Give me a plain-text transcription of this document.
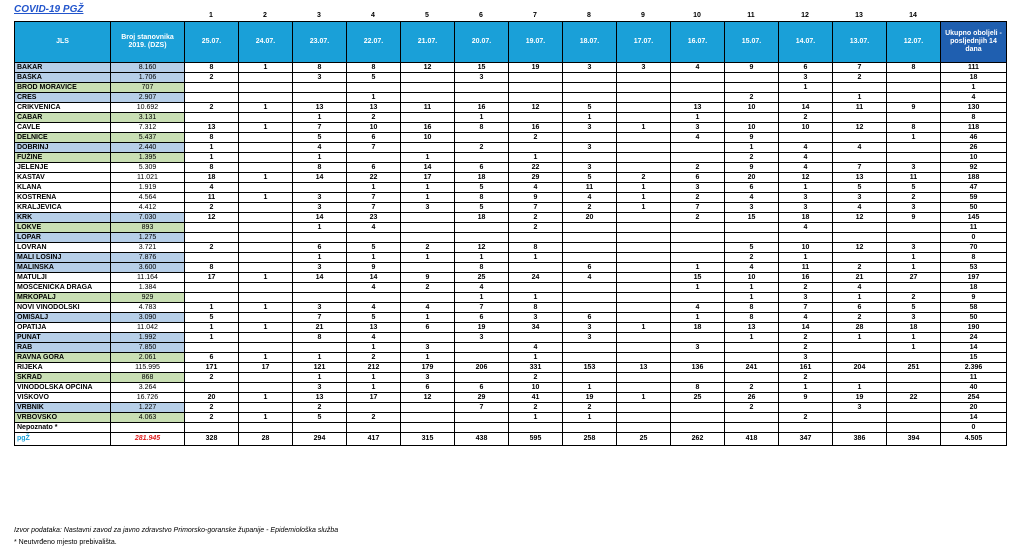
COVID-19 PGŽ
		1	2	3	4	5	6	7	8	9	10	11	12	13	14	
JLS	Broj stanovnika 2019. (DZS)	25.07.	24.07.	23.07.	22.07.	21.07.	20.07.	19.07.	18.07.	17.07.	16.07.	15.07.	14.07.	13.07.	12.07.	Ukupno oboljeli - posljednjih 14 dana
BAKAR	8.160	8	1	8	8	12	15	19	3	3	4	9	6	7	8	111
BAŠKA	1.706	2		3	5		3						3	2		18
BROD MORAVICE	707												1			1
CRES	2.907				1							2		1		4
CRIKVENICA	10.692	2	1	13	13	11	16	12	5		13	10	14	11	9	130
ČABAR	3.131			1	2		1		1		1		2			8
ČAVLE	7.312	13	1	7	10	16	8	16	3	1	3	10	10	12	8	118
DELNICE	5.437	8		5	6	10		2			4	9			1	46
DOBRINJ	2.440	1		4	7		2		3			1	4	4		26
FUŽINE	1.395	1		1		1		1				2	4			10
JELENJE	5.309	8		8	6	14	6	22	3		2	9	4	7	3	92
KASTAV	11.021	18	1	14	22	17	18	29	5	2	6	20	12	13	11	188
KLANA	1.919	4			1	1	5	4	11	1	3	6	1	5	5	47
KOSTRENA	4.564	11	1	3	7	1	8	9	4	1	2	4	3	3	2	59
KRALJEVICA	4.412	2		3	7	3	5	7	2	1	7	3	3	4	3	50
KRK	7.030	12		14	23		18	2	20		2	15	18	12	9	145
LOKVE	893			1	4			2					4			11
LOPAR	1.275															0
LOVRAN	3.721	2		6	5	2	12	8				5	10	12	3	70
MALI LOŠINJ	7.876			1	1	1	1	1				2	1		1	8
MALINSKA	3.600	8		3	9		8		6		1	4	11	2	1	53
MATULJI	11.164	17	1	14	14	9	25	24	4		15	10	16	21	27	197
MOŠĆENIČKA DRAGA	1.384				4	2	4				1	1	2	4		18
MRKOPALJ	929						1	1				1	3	1	2	9
NOVI VINODOLSKI	4.783	1	1	3	4	4	7	8			4	8	7	6	5	58
OMIŠALJ	3.090	5		7	5	1	6	3	6		1	8	4	2	3	50
OPATIJA	11.042	1	1	21	13	6	19	34	3	1	18	13	14	28	18	190
PUNAT	1.992	1		8	4		3		3			1	2	1	1	24
RAB	7.850				1	3		4			3		2		1	14
RAVNA GORA	2.061	6	1	1	2	1		1					3			15
RIJEKA	115.995	171	17	121	212	179	206	331	153	13	136	241	161	204	251	2.396
SKRAD	868	2		1	1	3		2					2			11
VINODOLSKA OPĆINA	3.264			3	1	6	6	10	1		8	2	1	1		40
VIŠKOVO	16.726	20	1	13	17	12	29	41	19	1	25	26	9	19	22	254
VRBNIK	1.227	2		2			7	2	2			2		3		20
VRBOVSKO	4.063	2	1	5	2			1	1				2			14
Nepoznato *																0
pgŽ	281.945	328	28	294	417	315	438	595	258	25	262	418	347	386	394	4.505
Izvor podataka: Nastavni zavod za javno zdravstvo Primorsko-goranske županije - Epidemiološka služba
* Neutvrđeno mjesto prebivališta.
